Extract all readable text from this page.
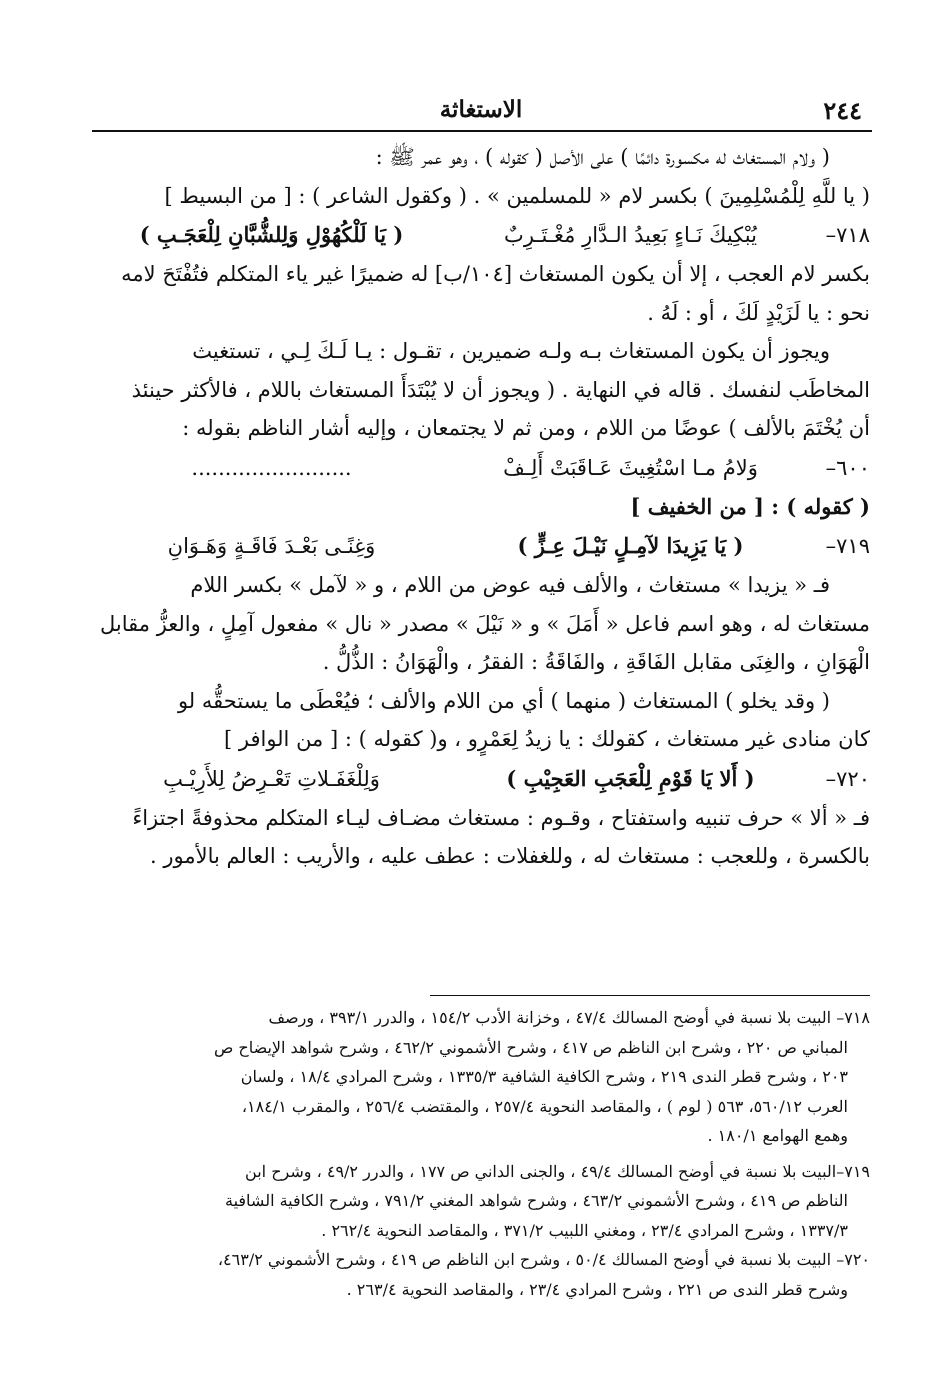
٢٤٤
الاستغاثة
( ولام المستغاث له مكسورة دائمًا ) على الأصل ( كقوله ) ، وهو عمر ﷺ :
( يا للَّهِ لِلْمُسْلِمِينَ ) بكسر لام « للمسلمين » . ( وكقول الشاعر ) : [ من البسيط ]
٧١٨–
يُبْكِيكَ نَـاءٍ بَعِيدُ الـدَّارِ مُغْـتَـرِبٌ
( يَا لَلْكُهُوْلِ وَلِلشُّبَّانِ لِلْعَجَـبِ )
بكسر لام العجب ، إلا أن يكون المستغاث [١٠٤/ب] له ضميرًا غير ياء المتكلم فتُفْتَحَ لامه
نحو : يا لَزَيْدٍ لَكَ ، أو : لَهُ .
ويجوز أن يكون المستغاث بـه ولـه ضميرين ، تقـول : يـا لَـكَ لِـي ، تستغيث
المخاطَب لنفسك . قاله في النهاية . ( ويجوز أن لا يُبْتَدَأَ المستغاث باللام ، فالأكثر حينئذ
أن يُخْتَمَ بالألف ) عوضًا من اللام ، ومن ثم لا يجتمعان ، وإليه أشار الناظم بقوله :
٦٠٠–
وَلامُ مـا اسْتُغِيثَ عَـاقَبَتْ أَلِـفْ
........................
( كقوله ) : [ من الخفيف ]
٧١٩–
( يَا يَزِيدَا لآمِـلٍ نَيْـلَ عِـزٍّ )
وَغِنًـى بَعْـدَ فَاقَـةٍ وَهَـوَانِ
فـ « يزيدا » مستغاث ، والألف فيه عوض من اللام ، و « لآمل » بكسر اللام
مستغاث له ، وهو اسم فاعل « أَمَلَ » و « نَيْلَ » مصدر « نال » مفعول آمِلٍ ، والعزُّ مقابل
الْهَوَانِ ، والغِنَى مقابل الفَاقَةِ ، والفَاقَةُ : الفقرُ ، والْهَوَانُ : الذُّلُّ .
( وقد يخلو ) المستغاث ( منهما ) أي من اللام والألف ؛ فيُعْطَى ما يستحقُّه لو
كان منادى غير مستغاث ، كقولك : يا زيدُ لِعَمْرٍو ، و( كقوله ) : [ من الوافر ]
٧٢٠–
( أَلا يَا قَوْمِ لِلْعَجَبِ العَجِيْبِ )
وَلِلْغَفَـلاتِ تَعْـرِضُ لِلأَرِيْـبِ
فـ « ألا » حرف تنبيه واستفتاح ، وقـوم : مستغاث مضـاف ليـاء المتكلم محذوفةً اجتزاءً
بالكسرة ، وللعجب : مستغاث له ، وللغفلات : عطف عليه ، والأريب : العالم بالأمور .
٧١٨– البيت بلا نسبة في أوضح المسالك ٤٧/٤ ، وخزانة الأدب ١٥٤/٢ ، والدرر ٣٩٣/١ ، ورصف
المباني ص ٢٢٠ ، وشرح ابن الناظم ص ٤١٧ ، وشرح الأشموني ٤٦٢/٢ ، وشرح شواهد الإيضاح ص
٢٠٣ ، وشرح قطر الندى ٢١٩ ، وشرح الكافية الشافية ١٣٣٥/٣ ، وشرح المرادي ١٨/٤ ، ولسان
العرب ٥٦٠/١٢، ٥٦٣ ( لوم ) ، والمقاصد النحوية ٢٥٧/٤ ، والمقتضب ٢٥٦/٤ ، والمقرب ١٨٤/١،
وهمع الهوامع ١٨٠/١ .
٧١٩–البيت بلا نسبة في أوضح المسالك ٤٩/٤ ، والجنى الداني ص ١٧٧ ، والدرر ٤٩/٢ ، وشرح ابن
الناظم ص ٤١٩ ، وشرح الأشموني ٤٦٣/٢ ، وشرح شواهد المغني ٧٩١/٢ ، وشرح الكافية الشافية
١٣٣٧/٣ ، وشرح المرادي ٢٣/٤ ، ومغني اللبيب ٣٧١/٢ ، والمقاصد النحوية ٢٦٢/٤ .
٧٢٠– البيت بلا نسبة في أوضح المسالك ٥٠/٤ ، وشرح ابن الناظم ص ٤١٩ ، وشرح الأشموني ٤٦٣/٢،
وشرح قطر الندى ص ٢٢١ ، وشرح المرادي ٢٣/٤ ، والمقاصد النحوية ٢٦٣/٤ .
